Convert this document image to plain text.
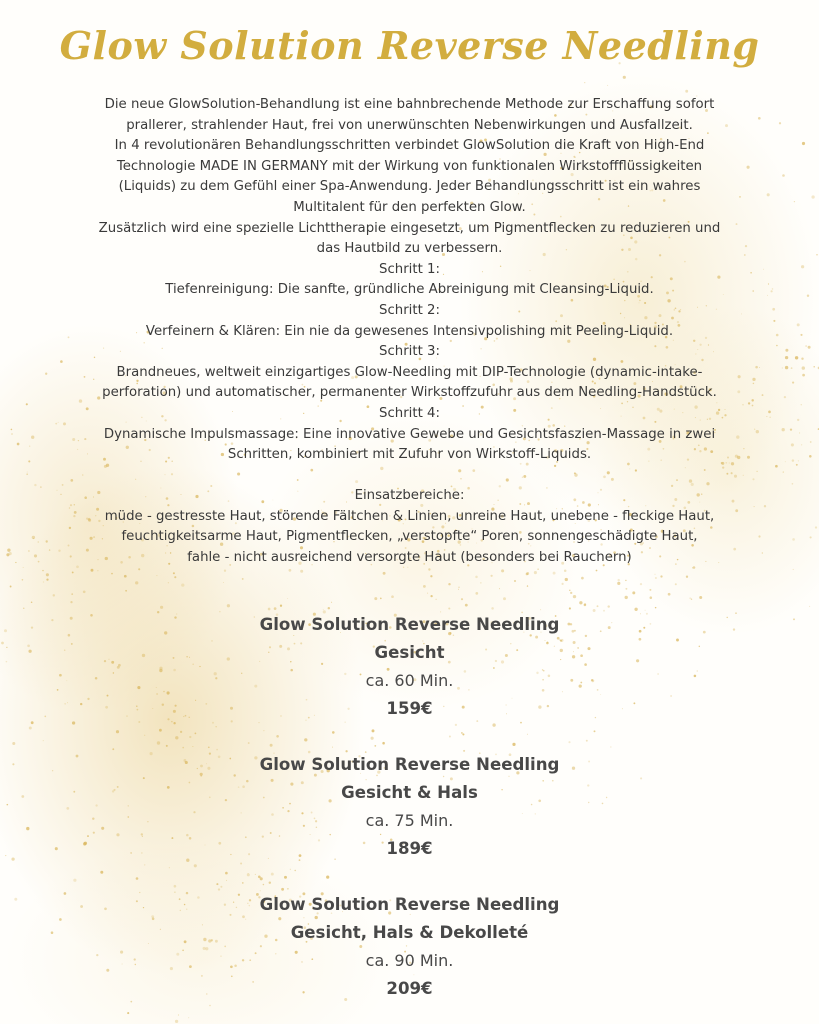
Glow Solution Reverse Needling
Die neue GlowSolution-Behandlung ist eine bahnbrechende Methode zur Erschaffung sofort
prallerer, strahlender Haut, frei von unerwünschten Nebenwirkungen und Ausfallzeit.
In 4 revolutionären Behandlungsschritten verbindet GlowSolution die Kraft von High-End
Technologie MADE IN GERMANY mit der Wirkung von funktionalen Wirkstoffflüssigkeiten
(Liquids) zu dem Gefühl einer Spa-Anwendung. Jeder Behandlungsschritt ist ein wahres
Multitalent für den perfekten Glow.
Zusätzlich wird eine spezielle Lichttherapie eingesetzt, um Pigmentflecken zu reduzieren und
das Hautbild zu verbessern.
Schritt 1:
Tiefenreinigung: Die sanfte, gründliche Abreinigung mit Cleansing-Liquid.
Schritt 2:
Verfeinern & Klären: Ein nie da gewesenes Intensivpolishing mit Peeling-Liquid.
Schritt 3:
Brandneues, weltweit einzigartiges Glow-Needling mit DIP-Technologie (dynamic-intake-
perforation) und automatischer, permanenter Wirkstoffzufuhr aus dem Needling-Handstück.
Schritt 4:
Dynamische Impulsmassage: Eine innovative Gewebe und Gesichtsfaszien-Massage in zwei
Schritten, kombiniert mit Zufuhr von Wirkstoff-Liquids.
Einsatzbereiche:
müde - gestresste Haut, störende Fältchen & Linien, unreine Haut, unebene - fleckige Haut,
feuchtigkeitsarme Haut, Pigmentflecken, „verstopfte“ Poren, sonnengeschädigte Haut,
fahle - nicht ausreichend versorgte Haut (besonders bei Rauchern)
Glow Solution Reverse Needling
Gesicht
ca. 60 Min.
159€
Glow Solution Reverse Needling
Gesicht & Hals
ca. 75 Min.
189€
Glow Solution Reverse Needling
Gesicht, Hals & Dekolleté
ca. 90 Min.
209€
